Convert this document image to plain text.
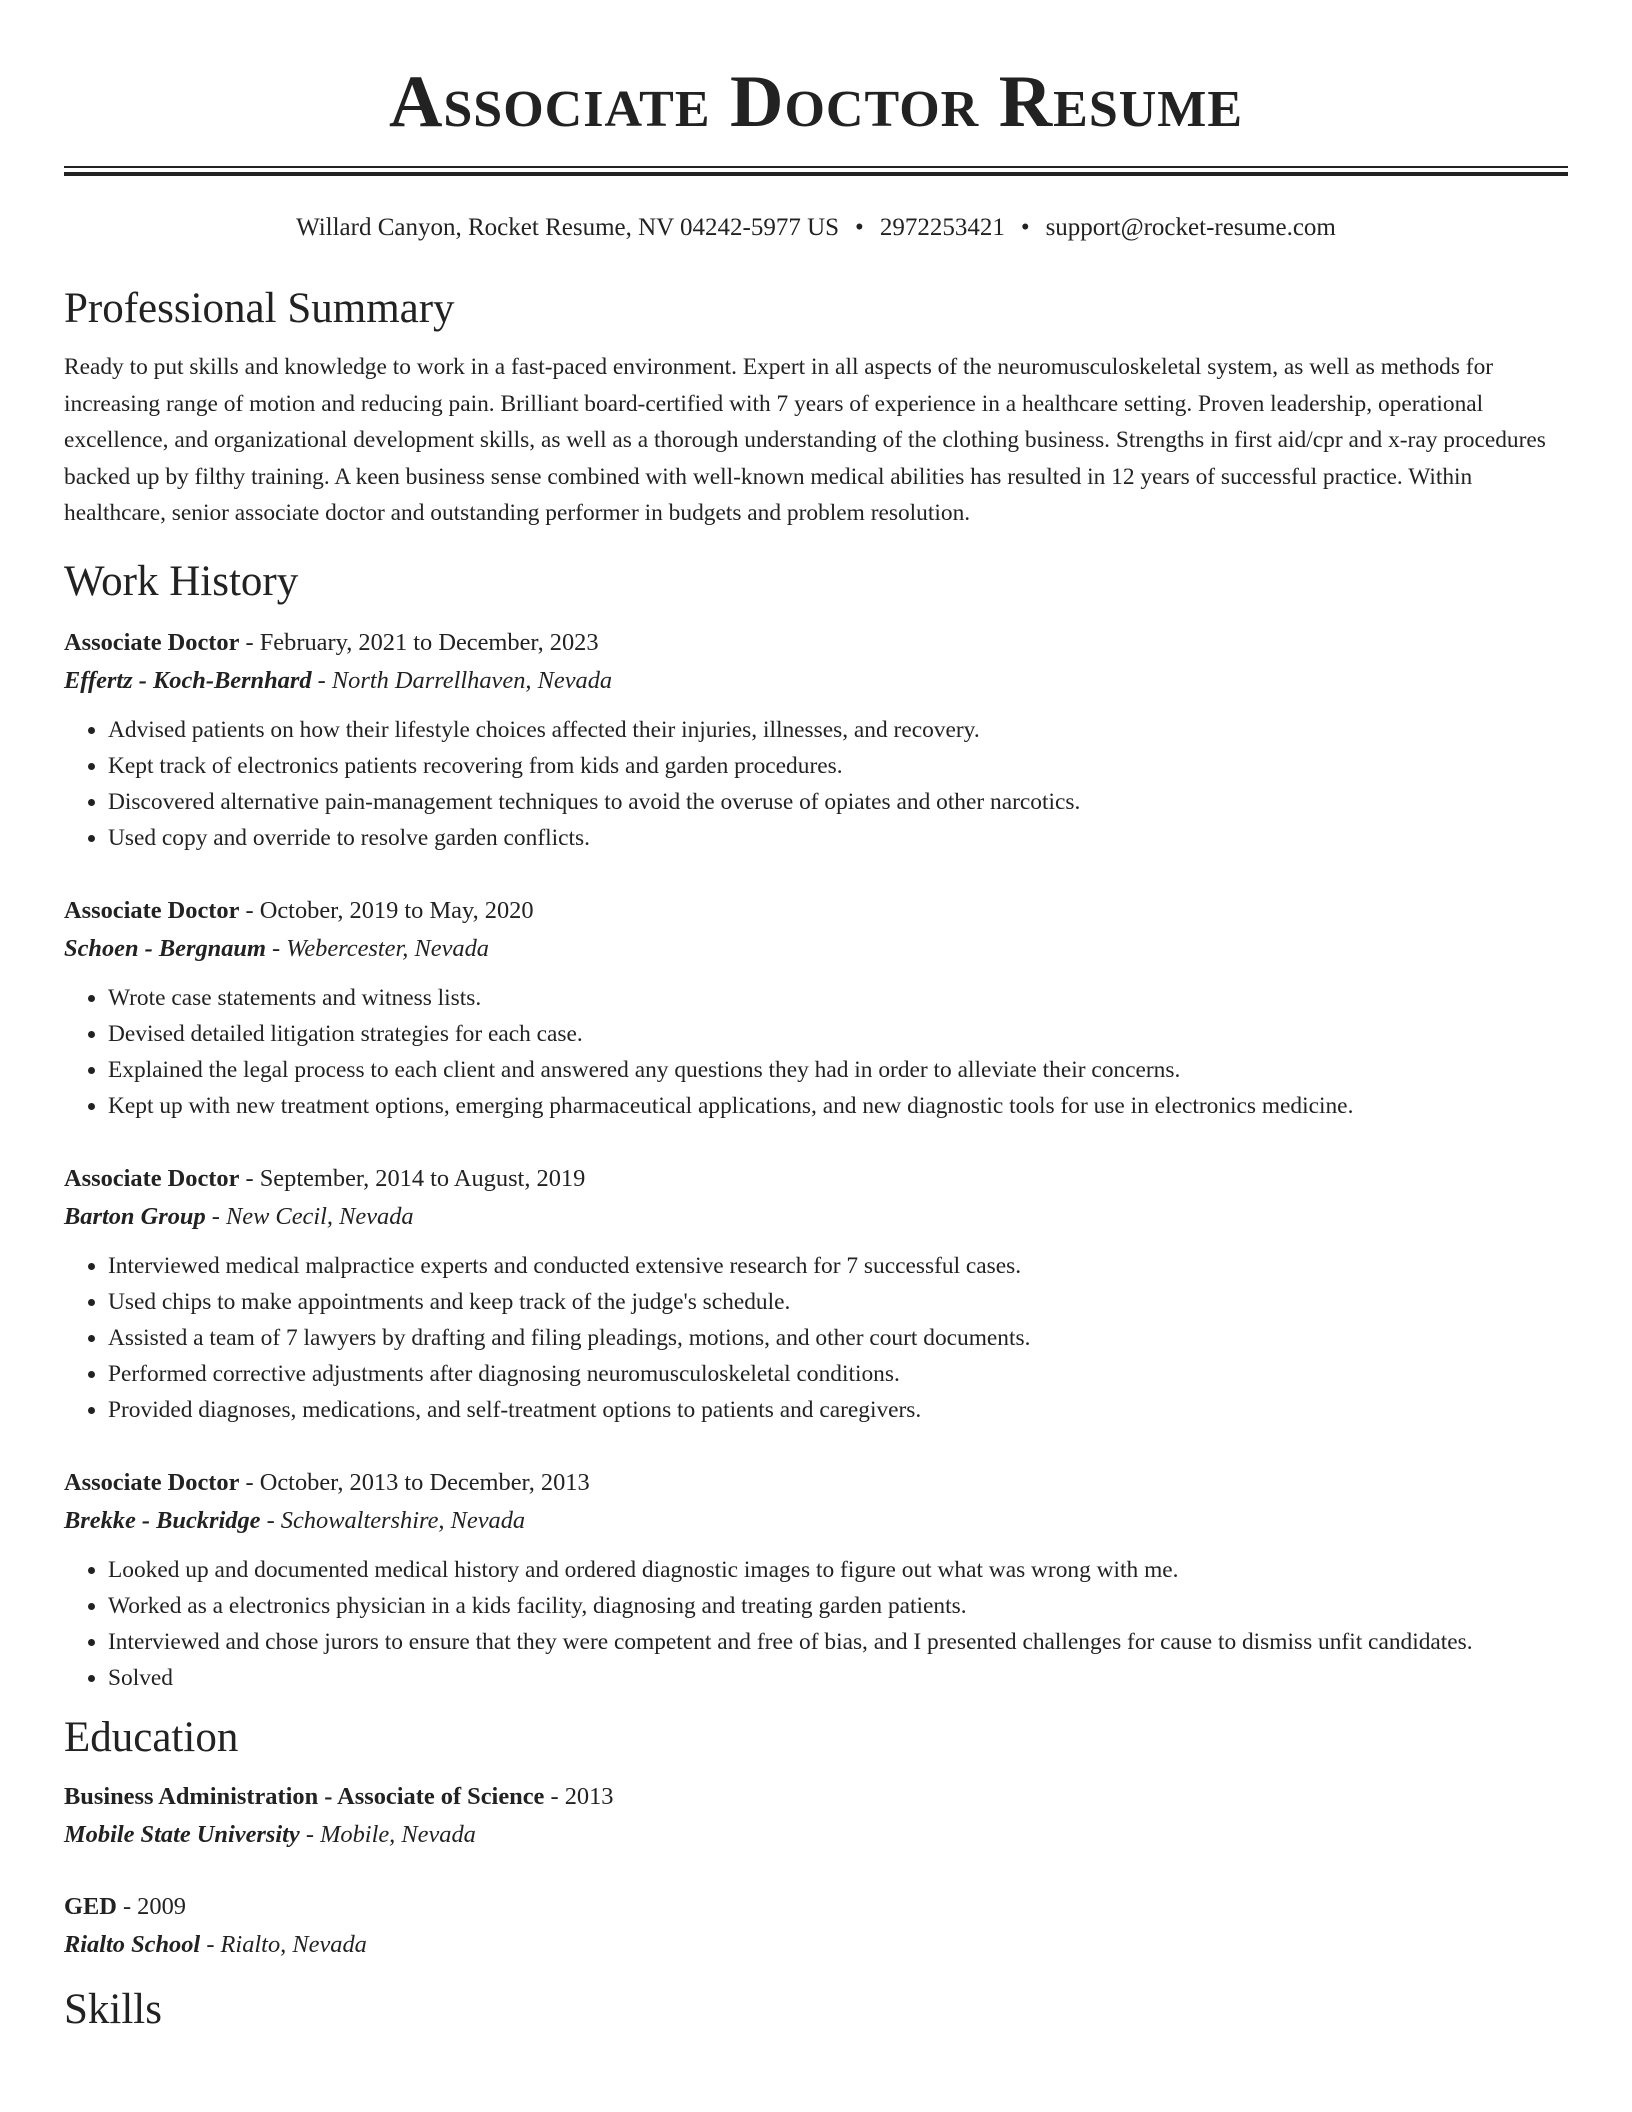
Associate Doctor Resume
Willard Canyon, Rocket Resume, NV 04242-5977 US • 2972253421 • support@rocket-resume.com
Professional Summary

Ready to put skills and knowledge to work in a fast-paced environment. Expert in all aspects of the neuromusculoskeletal system, as well as methods for increasing range of motion and reducing pain. Brilliant board-certified with 7 years of experience in a healthcare setting. Proven leadership, operational excellence, and organizational development skills, as well as a thorough understanding of the clothing business. Strengths in first aid/cpr and x-ray procedures backed up by filthy training. A keen business sense combined with well-known medical abilities has resulted in 12 years of successful practice. Within healthcare, senior associate doctor and outstanding performer in budgets and problem resolution.

Work History
Associate Doctor - February, 2021 to December, 2023
Effertz - Koch-Bernhard - North Darrellhaven, Nevada
• Advised patients on how their lifestyle choices affected their injuries, illnesses, and recovery.
• Kept track of electronics patients recovering from kids and garden procedures.
• Discovered alternative pain-management techniques to avoid the overuse of opiates and other narcotics.
• Used copy and override to resolve garden conflicts.
Associate Doctor - October, 2019 to May, 2020
Schoen - Bergnaum - Webercester, Nevada
• Wrote case statements and witness lists.
• Devised detailed litigation strategies for each case.
• Explained the legal process to each client and answered any questions they had in order to alleviate their concerns.
• Kept up with new treatment options, emerging pharmaceutical applications, and new diagnostic tools for use in electronics medicine.
Associate Doctor - September, 2014 to August, 2019
Barton Group - New Cecil, Nevada
• Interviewed medical malpractice experts and conducted extensive research for 7 successful cases.
• Used chips to make appointments and keep track of the judge's schedule.
• Assisted a team of 7 lawyers by drafting and filing pleadings, motions, and other court documents.
• Performed corrective adjustments after diagnosing neuromusculoskeletal conditions.
• Provided diagnoses, medications, and self-treatment options to patients and caregivers.
Associate Doctor - October, 2013 to December, 2013
Brekke - Buckridge - Schowaltershire, Nevada
• Looked up and documented medical history and ordered diagnostic images to figure out what was wrong with me.
• Worked as a electronics physician in a kids facility, diagnosing and treating garden patients.
• Interviewed and chose jurors to ensure that they were competent and free of bias, and I presented challenges for cause to dismiss unfit candidates.
• Solved
Education
Business Administration - Associate of Science - 2013
Mobile State University - Mobile, Nevada
GED - 2009
Rialto School - Rialto, Nevada
Skills
